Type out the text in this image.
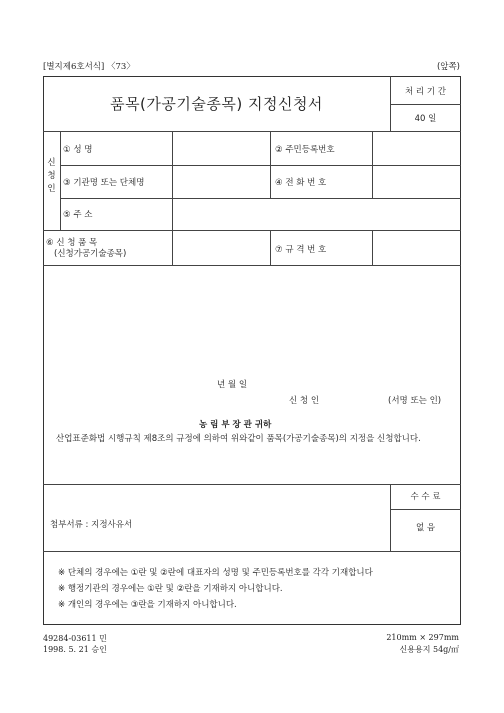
[별지제6호서식] 〈73〉	(앞쪽)
품목(가공기술종목) 지정신청서
처 리 기 간
40 일
신
청
인
① 성 명	② 주민등록번호
③ 기관명 또는 단체명	④ 전 화 번 호
⑤ 주 소
⑥ 신 청 품 목
(신청가공기술종목)	⑦ 규 격 번 호
산업표준화법 시행규칙 제8조의 규정에 의하여 위와같이 품목(가공기술종목)의 지정을 신청합니다.
년 월 일
신 청 인	(서명 또는 인)
농 림 부 장 관 귀하
첨부서류 : 지정사유서
수 수 료
없 음
※ 단체의 경우에는 ①란 및 ②란에 대표자의 성명 및 주민등록번호를 각각 기재합니다
※ 행정기관의 경우에는 ①란 및 ②란을 기재하지 아니합니다.
※ 개인의 경우에는 ③란을 기재하지 아니합니다.
49284-03611 민
1998. 5. 21 승인
210mm × 297mm
신용용지 54g/㎡
